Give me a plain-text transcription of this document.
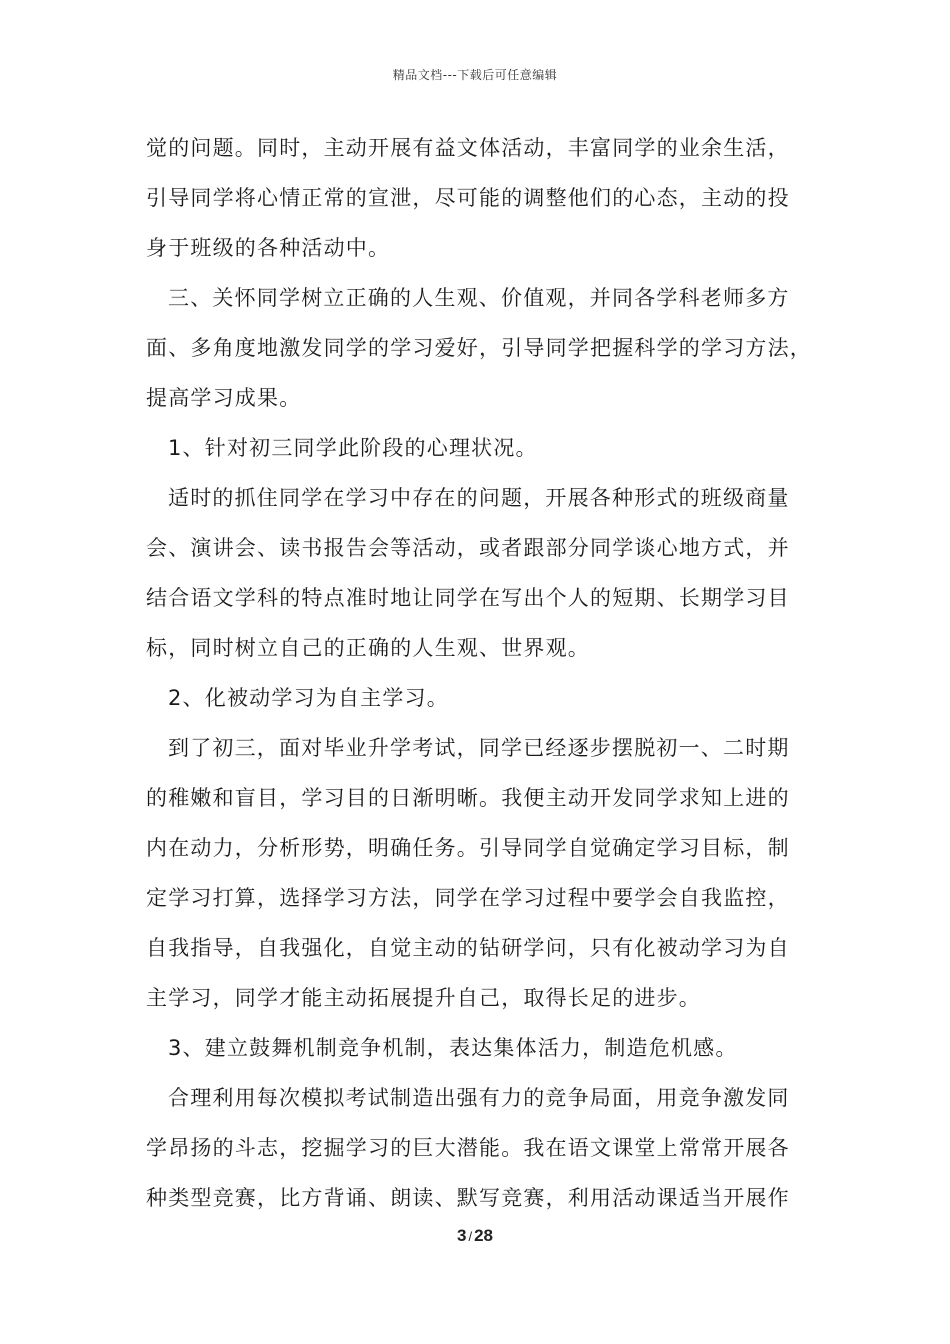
精品文档---下载后可任意编辑
觉的问题。同时，主动开展有益文体活动，丰富同学的业余生活，
引导同学将心情正常的宣泄，尽可能的调整他们的心态，主动的投
身于班级的各种活动中。
三、关怀同学树立正确的人生观、价值观，并同各学科老师多方
面、多角度地激发同学的学习爱好，引导同学把握科学的学习方法，
提高学习成果。
1、针对初三同学此阶段的心理状况。
适时的抓住同学在学习中存在的问题，开展各种形式的班级商量
会、演讲会、读书报告会等活动，或者跟部分同学谈心地方式，并
结合语文学科的特点准时地让同学在写出个人的短期、长期学习目
标，同时树立自己的正确的人生观、世界观。
2、化被动学习为自主学习。
到了初三，面对毕业升学考试，同学已经逐步摆脱初一、二时期
的稚嫩和盲目，学习目的日渐明晰。我便主动开发同学求知上进的
内在动力，分析形势，明确任务。引导同学自觉确定学习目标，制
定学习打算，选择学习方法，同学在学习过程中要学会自我监控，
自我指导，自我强化，自觉主动的钻研学问，只有化被动学习为自
主学习，同学才能主动拓展提升自己，取得长足的进步。
3、建立鼓舞机制竞争机制，表达集体活力，制造危机感。
合理利用每次模拟考试制造出强有力的竞争局面，用竞争激发同
学昂扬的斗志，挖掘学习的巨大潜能。我在语文课堂上常常开展各
种类型竞赛，比方背诵、朗读、默写竞赛，利用活动课适当开展作
3 / 28
